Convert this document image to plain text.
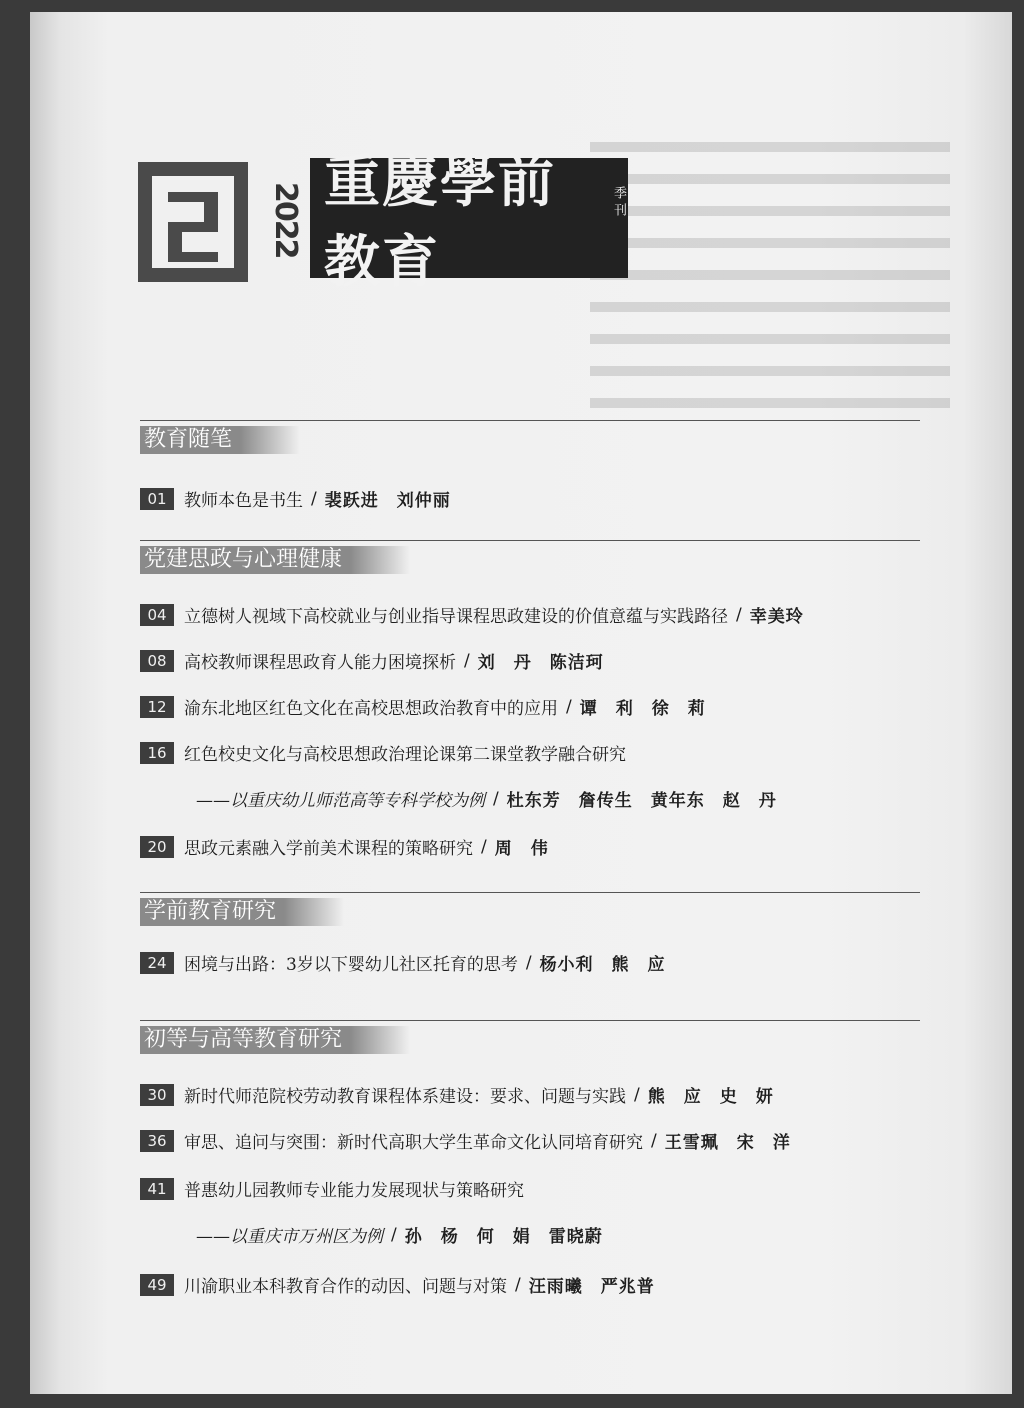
2022
重慶學前教育
季刊
教育随笔
01	教师本色是书生 / 裴跃进　刘仲丽
党建思政与心理健康
04	立德树人视域下高校就业与创业指导课程思政建设的价值意蕴与实践路径 / 幸美玲
08	高校教师课程思政育人能力困境探析 / 刘　丹　陈洁珂
12	渝东北地区红色文化在高校思想政治教育中的应用 / 谭　利　徐　莉
16	红色校史文化与高校思想政治理论课第二课堂教学融合研究
——以重庆幼儿师范高等专科学校为例 / 杜东芳　詹传生　黄年东　赵　丹
20	思政元素融入学前美术课程的策略研究 / 周　伟
学前教育研究
24	困境与出路：3岁以下婴幼儿社区托育的思考 / 杨小利　熊　应
初等与高等教育研究
30	新时代师范院校劳动教育课程体系建设：要求、问题与实践 / 熊　应　史　妍
36	审思、追问与突围：新时代高职大学生革命文化认同培育研究 / 王雪珮　宋　洋
41	普惠幼儿园教师专业能力发展现状与策略研究
——以重庆市万州区为例 / 孙　杨　何　娟　雷晓蔚
49	川渝职业本科教育合作的动因、问题与对策 / 汪雨曦　严兆普
